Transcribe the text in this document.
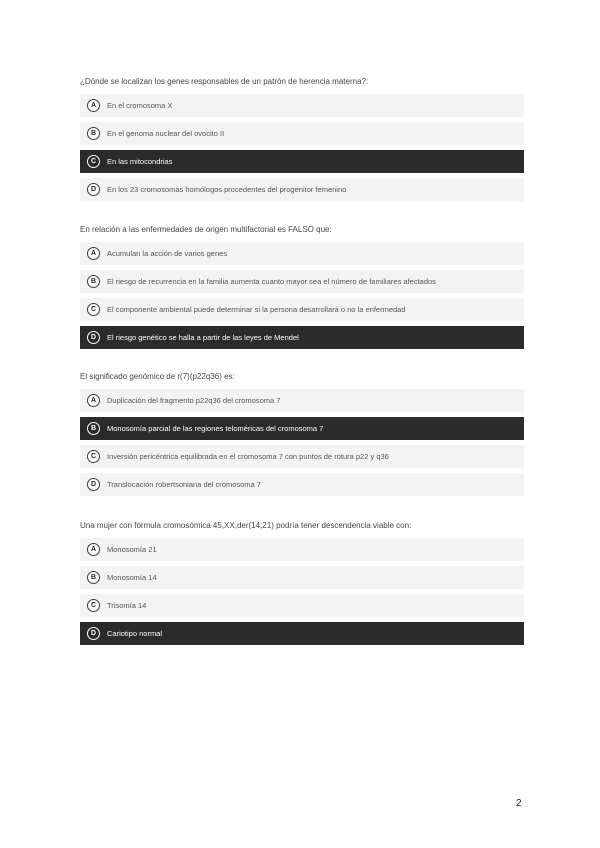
¿Dónde se localizan los genes responsables de un patrón de herencia materna?:
A	En el cromosoma X
B	En el genoma nuclear del ovocito II
C	En las mitocondrias
D	En los 23 cromosomas homólogos procedentes del progenitor femenino
En relación a las enfermedades de origen multifactorial es FALSO que:
A	Acumulan la acción de varios genes
B	El riesgo de recurrencia en la familia aumenta cuanto mayor sea el número de familiares afectados
C	El componente ambiental puede determinar si la persona desarrollará o no la enfermedad
D	El riesgo genético se halla a partir de las leyes de Mendel
El significado genómico de r(7)(p22q36) es:
A	Duplicación del fragmento p22q36 del cromosoma 7
B	Monosomía parcial de las regiones teloméricas del cromosoma 7
C	Inversión pericéntrica equilibrada en el cromosoma 7 con puntos de rotura p22 y q36
D	Translocación robertsoniana del cromosoma 7
Una mujer con fórmula cromosómica 45,XX,der(14;21) podría tener descendencia viable con:
A	Monosomía 21
B	Monosomía 14
C	Trisomía 14
D	Cariotipo normal
2
